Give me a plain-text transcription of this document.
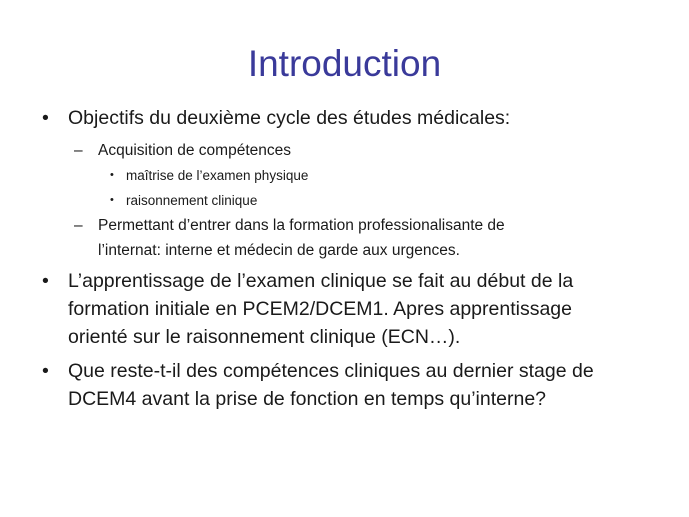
Introduction
• Objectifs du deuxième cycle des études médicales:
– Acquisition de compétences
• maîtrise de l’examen physique
• raisonnement clinique
– Permettant d’entrer dans la formation professionalisante de
l’internat: interne et médecin de garde aux urgences.
• L’apprentissage de l’examen clinique se fait au début de la
formation initiale en PCEM2/DCEM1. Apres apprentissage
orienté sur le raisonnement clinique (ECN…).
• Que reste-t-il des compétences cliniques au dernier stage de
DCEM4 avant la prise de fonction en temps qu’interne?
